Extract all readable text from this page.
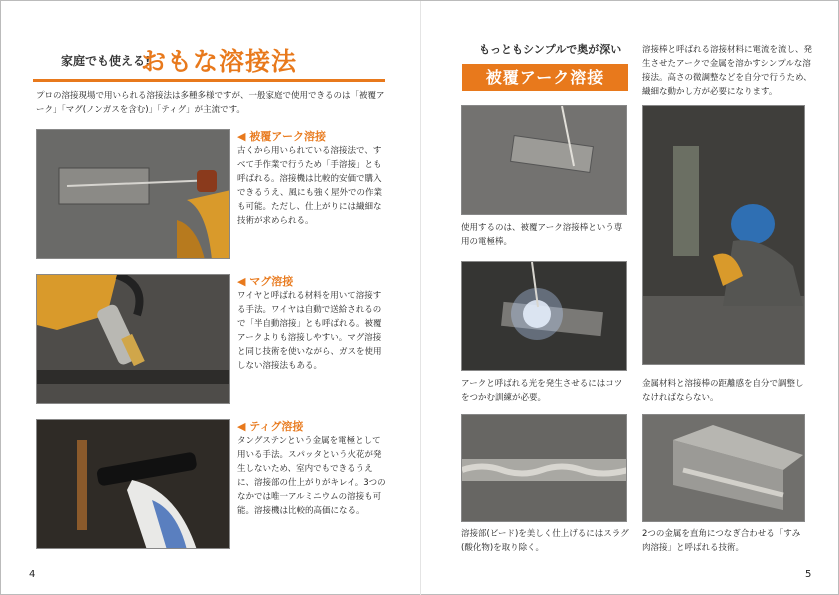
家庭でも使える!
おもな溶接法
プロの溶接現場で用いられる溶接法は多種多様ですが、一般家庭で使用できるのは「被覆アーク」「マグ(ノンガスを含む)」「ティグ」が主流です。
◀ 被覆アーク溶接
古くから用いられている溶接法で、すべて手作業で行うため「手溶接」とも呼ばれる。溶接機は比較的安価で購入できるうえ、風にも強く屋外での作業も可能。ただし、仕上がりには繊細な技術が求められる。
◀ マグ溶接
ワイヤと呼ばれる材料を用いて溶接する手法。ワイヤは自動で送給されるので「半自動溶接」とも呼ばれる。被覆アークよりも溶接しやすい。マグ溶接と同じ技術を使いながら、ガスを使用しない溶接法もある。
◀ ティグ溶接
タングステンという金属を電極として用いる手法。スパッタという火花が発生しないため、室内でもできるうえに、溶接部の仕上がりがキレイ。3つのなかでは唯一アルミニウムの溶接も可能。溶接機は比較的高価になる。
4
もっともシンプルで奥が深い
被覆アーク溶接
溶接棒と呼ばれる溶接材料に電流を流し、発生させたアークで金属を溶かすシンプルな溶接法。高さの微調整などを自分で行うため、繊細な動かし方が必要になります。
使用するのは、被覆アーク溶接棒という専用の電極棒。
アークと呼ばれる光を発生させるにはコツをつかむ訓練が必要。
溶接部(ビード)を美しく仕上げるにはスラグ(酸化物)を取り除く。
金属材料と溶接棒の距離感を自分で調整しなければならない。
2つの金属を直角につなぎ合わせる「すみ肉溶接」と呼ばれる技術。
5
